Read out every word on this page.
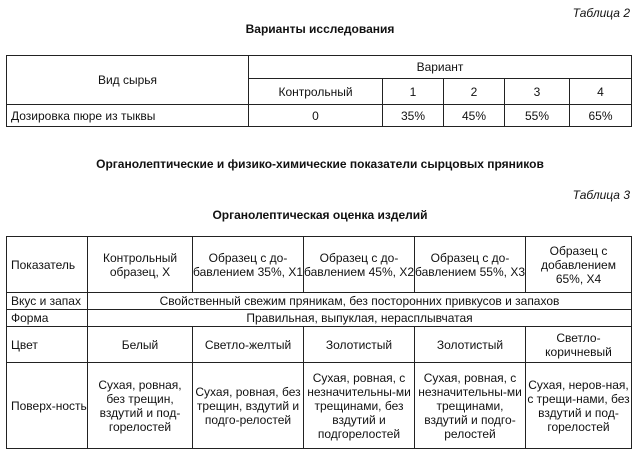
Таблица 2
Варианты исследования
Вид сырья	Вариант				
	Контрольный	1	2	3	4
Дозировка пюре из тыквы	0	35%	45%	55%	65%
Органолептические и физико-химические показатели сырцовых пряников
Таблица 3
Органолептическая оценка изделий
Показатель	Контрольный образец, Х	Образец с до-бавлением 35%, Х1	Образец с до-бавлением 45%, Х2	Образец с до-бавлением 55%, Х3	Образец с добавлением 65%, Х4
Вкус и запах	Свойственный свежим пряникам, без посторонних привкусов и запахов				
Форма	Правильная, выпуклая, нерасплывчатая				
Цвет	Белый	Светло-желтый	Золотистый	Золотистый	Светло-коричневый
Поверх-ность	Сухая, ровная, без трещин, вздутий и под-горелостей	Сухая, ровная, без трещин, вздутий и подго-релостей	Сухая, ровная, с незначительны-ми трещинами, без вздутий и подгорелостей	Сухая, ровная, с незначительны-ми трещинами, вздутий и подго-релостей	Сухая, неров-ная, с трещи-нами, без вздутий и под-горелостей
